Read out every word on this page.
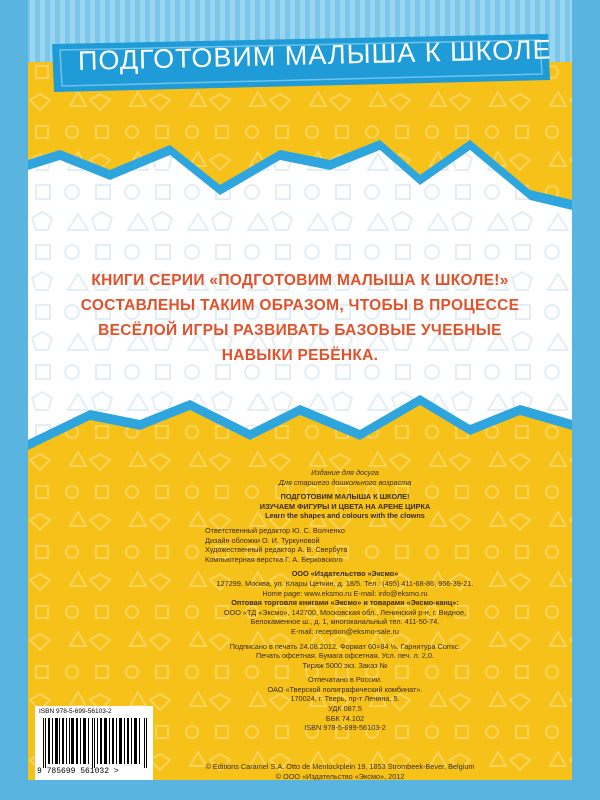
ПОДГОТОВИМ МАЛЫША К ШКОЛЕ
КНИГИ СЕРИИ «ПОДГОТОВИМ МАЛЫША К ШКОЛЕ!»
СОСТАВЛЕНЫ ТАКИМ ОБРАЗОМ, ЧТОБЫ В ПРОЦЕССЕ
ВЕСЁЛОЙ ИГРЫ РАЗВИВАТЬ БАЗОВЫЕ УЧЕБНЫЕ
НАВЫКИ РЕБЁНКА.
Издание для досуга
Для старшего дошкольного возраста
ПОДГОТОВИМ МАЛЫША К ШКОЛЕ!
ИЗУЧАЕМ ФИГУРЫ И ЦВЕТА НА АРЕНЕ ЦИРКА
Learn the shapes and colours with the clowns
Ответственный редактор Ю. С. Волченко
Дизайн обложки О. И. Туркуновой
Художественный редактор А. В. Свербута
Компьютерная верстка Г. А. Берковского
ООО «Издательство «Эксмо»
127299, Москва, ул. Клары Цеткин, д. 18/5. Тел.: (495) 411-68-86, 956-39-21.
Home page: www.eksmo.ru E-mail: info@eksmo.ru
Оптовая торговля книгами «Эксмо» и товарами «Эксмо-канц»:
ООО «ТД «Эксмо», 142700, Московская обл., Ленинский р-н, г. Видное,
Белокаменное ш., д. 1, многоканальный тел. 411-50-74.
E-mail: reception@eksmo-sale.ru
Подписано в печать 24.08.2012. Формат 60×84 ⅛. Гарнитура Comic.
Печать офсетная. Бумага офсетная. Усл. печ. л. 2,0.
Тираж 5000 экз. Заказ №
Отпечатано в России.
ОАО «Тверской полиграфический комбинат».
170024, г. Тверь, пр-т Ленина, 5.
УДК 087.5
ББК 74.102
ISBN 978-5-699-56103-2
© Editions Caramel S.A. Otto de Mentockplein 19, 1853 Strombeek-Bever, Belgium
© ООО «Издательство «Эксмо», 2012
ISBN 978-5-699-56103-2
9 785699 561032 >
